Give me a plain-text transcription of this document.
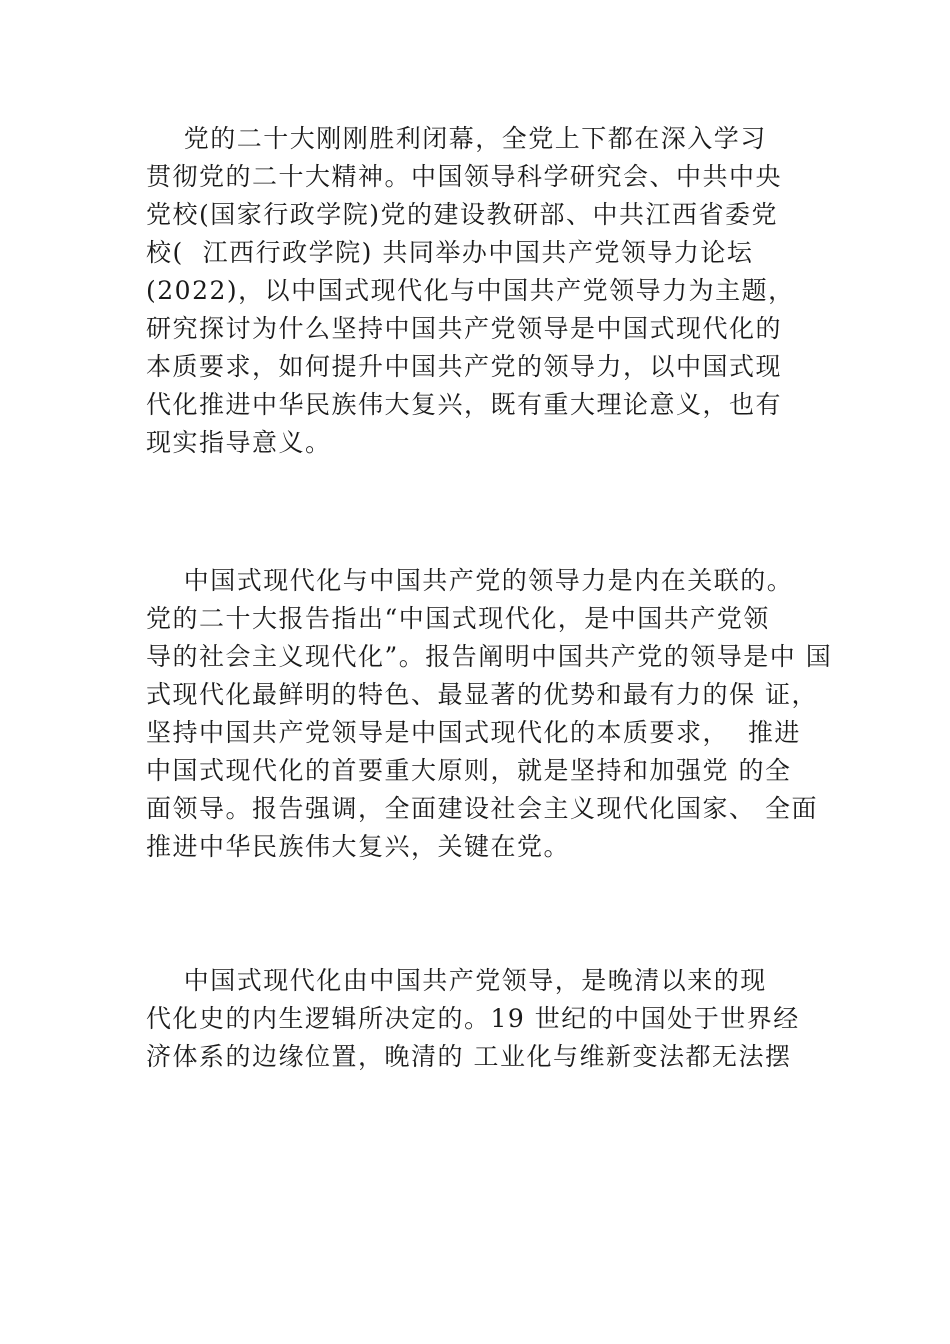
党的二十大刚刚胜利闭幕，全党上下都在深入学习
贯彻党的二十大精神。中国领导科学研究会、中共中央
党校(国家行政学院)党的建设教研部、中共江西省委党
校(  江西行政学院) 共同举办中国共产党领导力论坛
(2022)，以中国式现代化与中国共产党领导力为主题，
研究探讨为什么坚持中国共产党领导是中国式现代化的
本质要求，如何提升中国共产党的领导力，以中国式现
代化推进中华民族伟大复兴，既有重大理论意义，也有
现实指导意义。
中国式现代化与中国共产党的领导力是内在关联的。
党的二十大报告指出“中国式现代化，是中国共产党领
导的社会主义现代化”。报告阐明中国共产党的领导是中 国
式现代化最鲜明的特色、最显著的优势和最有力的保 证，
坚持中国共产党领导是中国式现代化的本质要求，  推进
中国式现代化的首要重大原则，就是坚持和加强党 的全
面领导。报告强调，全面建设社会主义现代化国家、 全面
推进中华民族伟大复兴，关键在党。
中国式现代化由中国共产党领导，是晚清以来的现
代化史的内生逻辑所决定的。19 世纪的中国处于世界经
济体系的边缘位置，晚清的 工业化与维新变法都无法摆
